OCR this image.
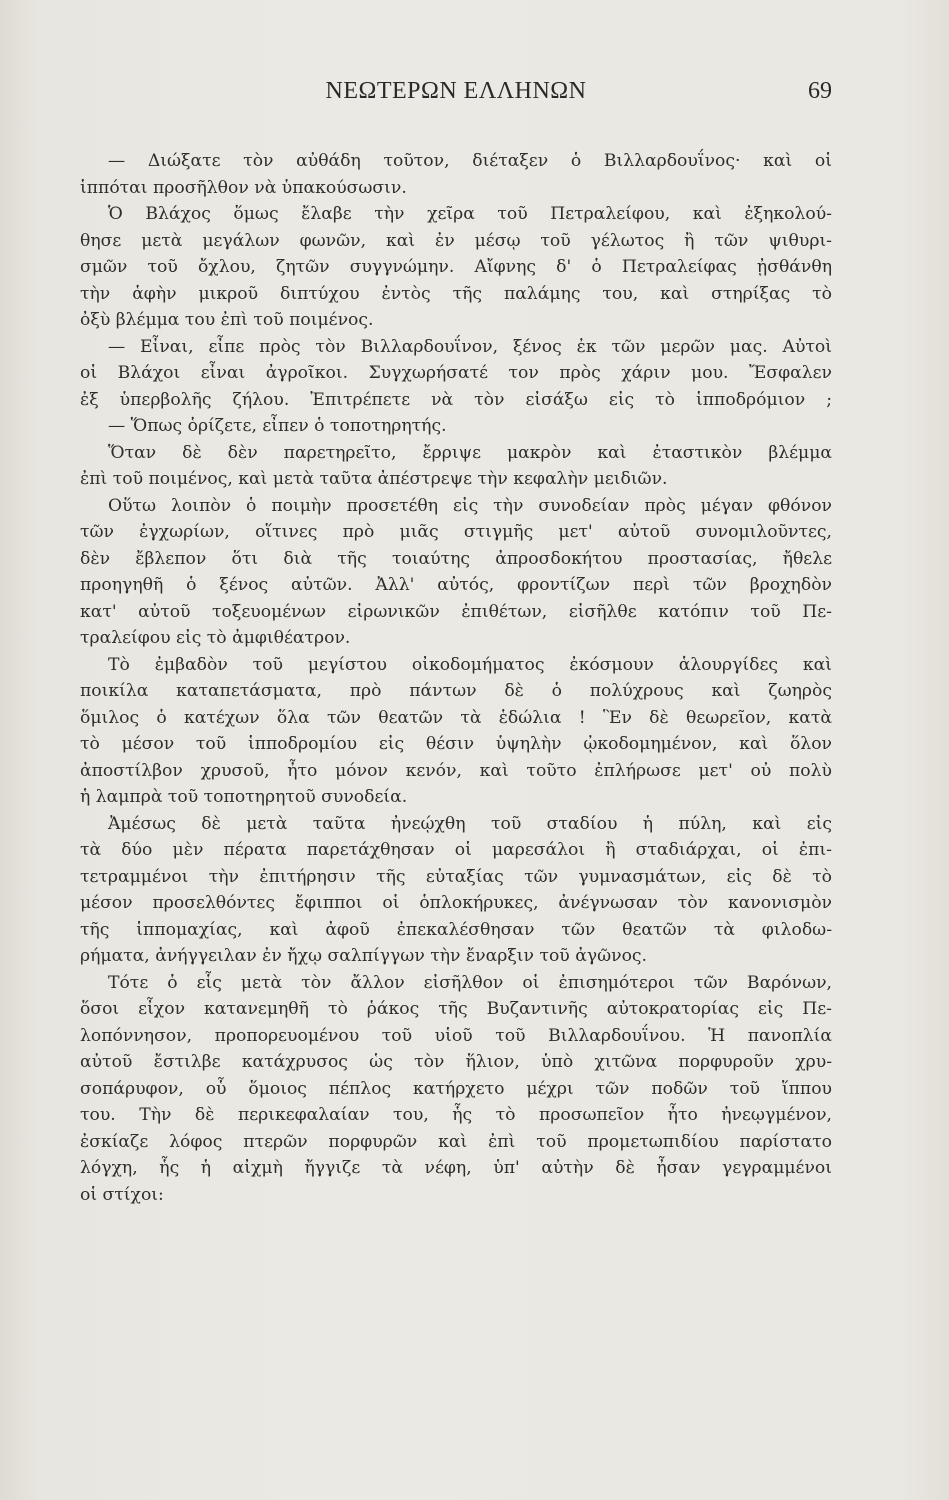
ΝΕΩΤΕΡΩΝ ΕΛΛΗΝΩΝ	69
— Διώξατε τὸν αὐθάδη τοῦτον, διέταξεν ὁ Βιλλαρδουΐνος· καὶ οἱ
ἱππόται προσῆλθον νὰ ὑπακούσωσιν.
Ὁ Βλάχος ὅμως ἔλαβε τὴν χεῖρα τοῦ Πετραλείφου, καὶ ἐξηκολού-
θησε μετὰ μεγάλων φωνῶν, καὶ ἐν μέσῳ τοῦ γέλωτος ἢ τῶν ψιθυρι-
σμῶν τοῦ ὄχλου, ζητῶν συγγνώμην. Αἴφνης δ' ὁ Πετραλείφας ᾐσθάνθη
τὴν ἁφὴν μικροῦ διπτύχου ἐντὸς τῆς παλάμης του, καὶ στηρίξας τὸ
ὀξὺ βλέμμα του ἐπὶ τοῦ ποιμένος.
— Εἶναι, εἶπε πρὸς τὸν Βιλλαρδουΐνον, ξένος ἐκ τῶν μερῶν μας. Αὐτοὶ
οἱ Βλάχοι εἶναι ἀγροῖκοι. Συγχωρήσατέ τον πρὸς χάριν μου. Ἔσφαλεν
ἐξ ὑπερβολῆς ζήλου. Ἐπιτρέπετε νὰ τὸν εἰσάξω εἰς τὸ ἱπποδρόμιον ;
— Ὅπως ὁρίζετε, εἶπεν ὁ τοποτηρητής.
Ὅταν δὲ δὲν παρετηρεῖτο, ἔρριψε μακρὸν καὶ ἐταστικὸν βλέμμα
ἐπὶ τοῦ ποιμένος, καὶ μετὰ ταῦτα ἀπέστρεψε τὴν κεφαλὴν μειδιῶν.
Οὕτω λοιπὸν ὁ ποιμὴν προσετέθη εἰς τὴν συνοδείαν πρὸς μέγαν φθόνον
τῶν ἐγχωρίων, οἵτινες πρὸ μιᾶς στιγμῆς μετ' αὐτοῦ συνομιλοῦντες,
δὲν ἔβλεπον ὅτι διὰ τῆς τοιαύτης ἀπροσδοκήτου προστασίας, ἤθελε
προηγηθῆ ὁ ξένος αὐτῶν. Ἀλλ' αὐτός, φροντίζων περὶ τῶν βροχηδὸν
κατ' αὐτοῦ τοξευομένων εἰρωνικῶν ἐπιθέτων, εἰσῆλθε κατόπιν τοῦ Πε-
τραλείφου εἰς τὸ ἀμφιθέατρον.
Τὸ ἐμβαδὸν τοῦ μεγίστου οἰκοδομήματος ἐκόσμουν ἁλουργίδες καὶ
ποικίλα καταπετάσματα, πρὸ πάντων δὲ ὁ πολύχρους καὶ ζωηρὸς
ὅμιλος ὁ κατέχων ὅλα τῶν θεατῶν τὰ ἑδώλια ! Ἓν δὲ θεωρεῖον, κατὰ
τὸ μέσον τοῦ ἱπποδρομίου εἰς θέσιν ὑψηλὴν ᾠκοδομημένον, καὶ ὅλον
ἀποστίλβον χρυσοῦ, ἦτο μόνον κενόν, καὶ τοῦτο ἐπλήρωσε μετ' οὐ πολὺ
ἡ λαμπρὰ τοῦ τοποτηρητοῦ συνοδεία.
Ἀμέσως δὲ μετὰ ταῦτα ἠνεῴχθη τοῦ σταδίου ἡ πύλη, καὶ εἰς
τὰ δύο μὲν πέρατα παρετάχθησαν οἱ μαρεσάλοι ἢ σταδιάρχαι, οἱ ἐπι-
τετραμμένοι τὴν ἐπιτήρησιν τῆς εὐταξίας τῶν γυμνασμάτων, εἰς δὲ τὸ
μέσον προσελθόντες ἔφιπποι οἱ ὁπλοκήρυκες, ἀνέγνωσαν τὸν κανονισμὸν
τῆς ἱππομαχίας, καὶ ἀφοῦ ἐπεκαλέσθησαν τῶν θεατῶν τὰ φιλοδω-
ρήματα, ἀνήγγειλαν ἐν ἤχῳ σαλπίγγων τὴν ἔναρξιν τοῦ ἀγῶνος.
Τότε ὁ εἷς μετὰ τὸν ἄλλον εἰσῆλθον οἱ ἐπισημότεροι τῶν Βαρόνων,
ὅσοι εἶχον κατανεμηθῆ τὸ ῥάκος τῆς Βυζαντινῆς αὐτοκρατορίας εἰς Πε-
λοπόννησον, προπορευομένου τοῦ υἱοῦ τοῦ Βιλλαρδουΐνου. Ἡ πανοπλία
αὐτοῦ ἔστιλβε κατάχρυσος ὡς τὸν ἥλιον, ὑπὸ χιτῶνα πορφυροῦν χρυ-
σοπάρυφον, οὗ ὅμοιος πέπλος κατήρχετο μέχρι τῶν ποδῶν τοῦ ἵππου
του. Τὴν δὲ περικεφαλαίαν του, ἧς τὸ προσωπεῖον ἦτο ἠνεῳγμένον,
ἐσκίαζε λόφος πτερῶν πορφυρῶν καὶ ἐπὶ τοῦ προμετωπιδίου παρίστατο
λόγχη, ἧς ἡ αἰχμὴ ἤγγιζε τὰ νέφη, ὑπ' αὐτὴν δὲ ἦσαν γεγραμμένοι
οἱ στίχοι:
